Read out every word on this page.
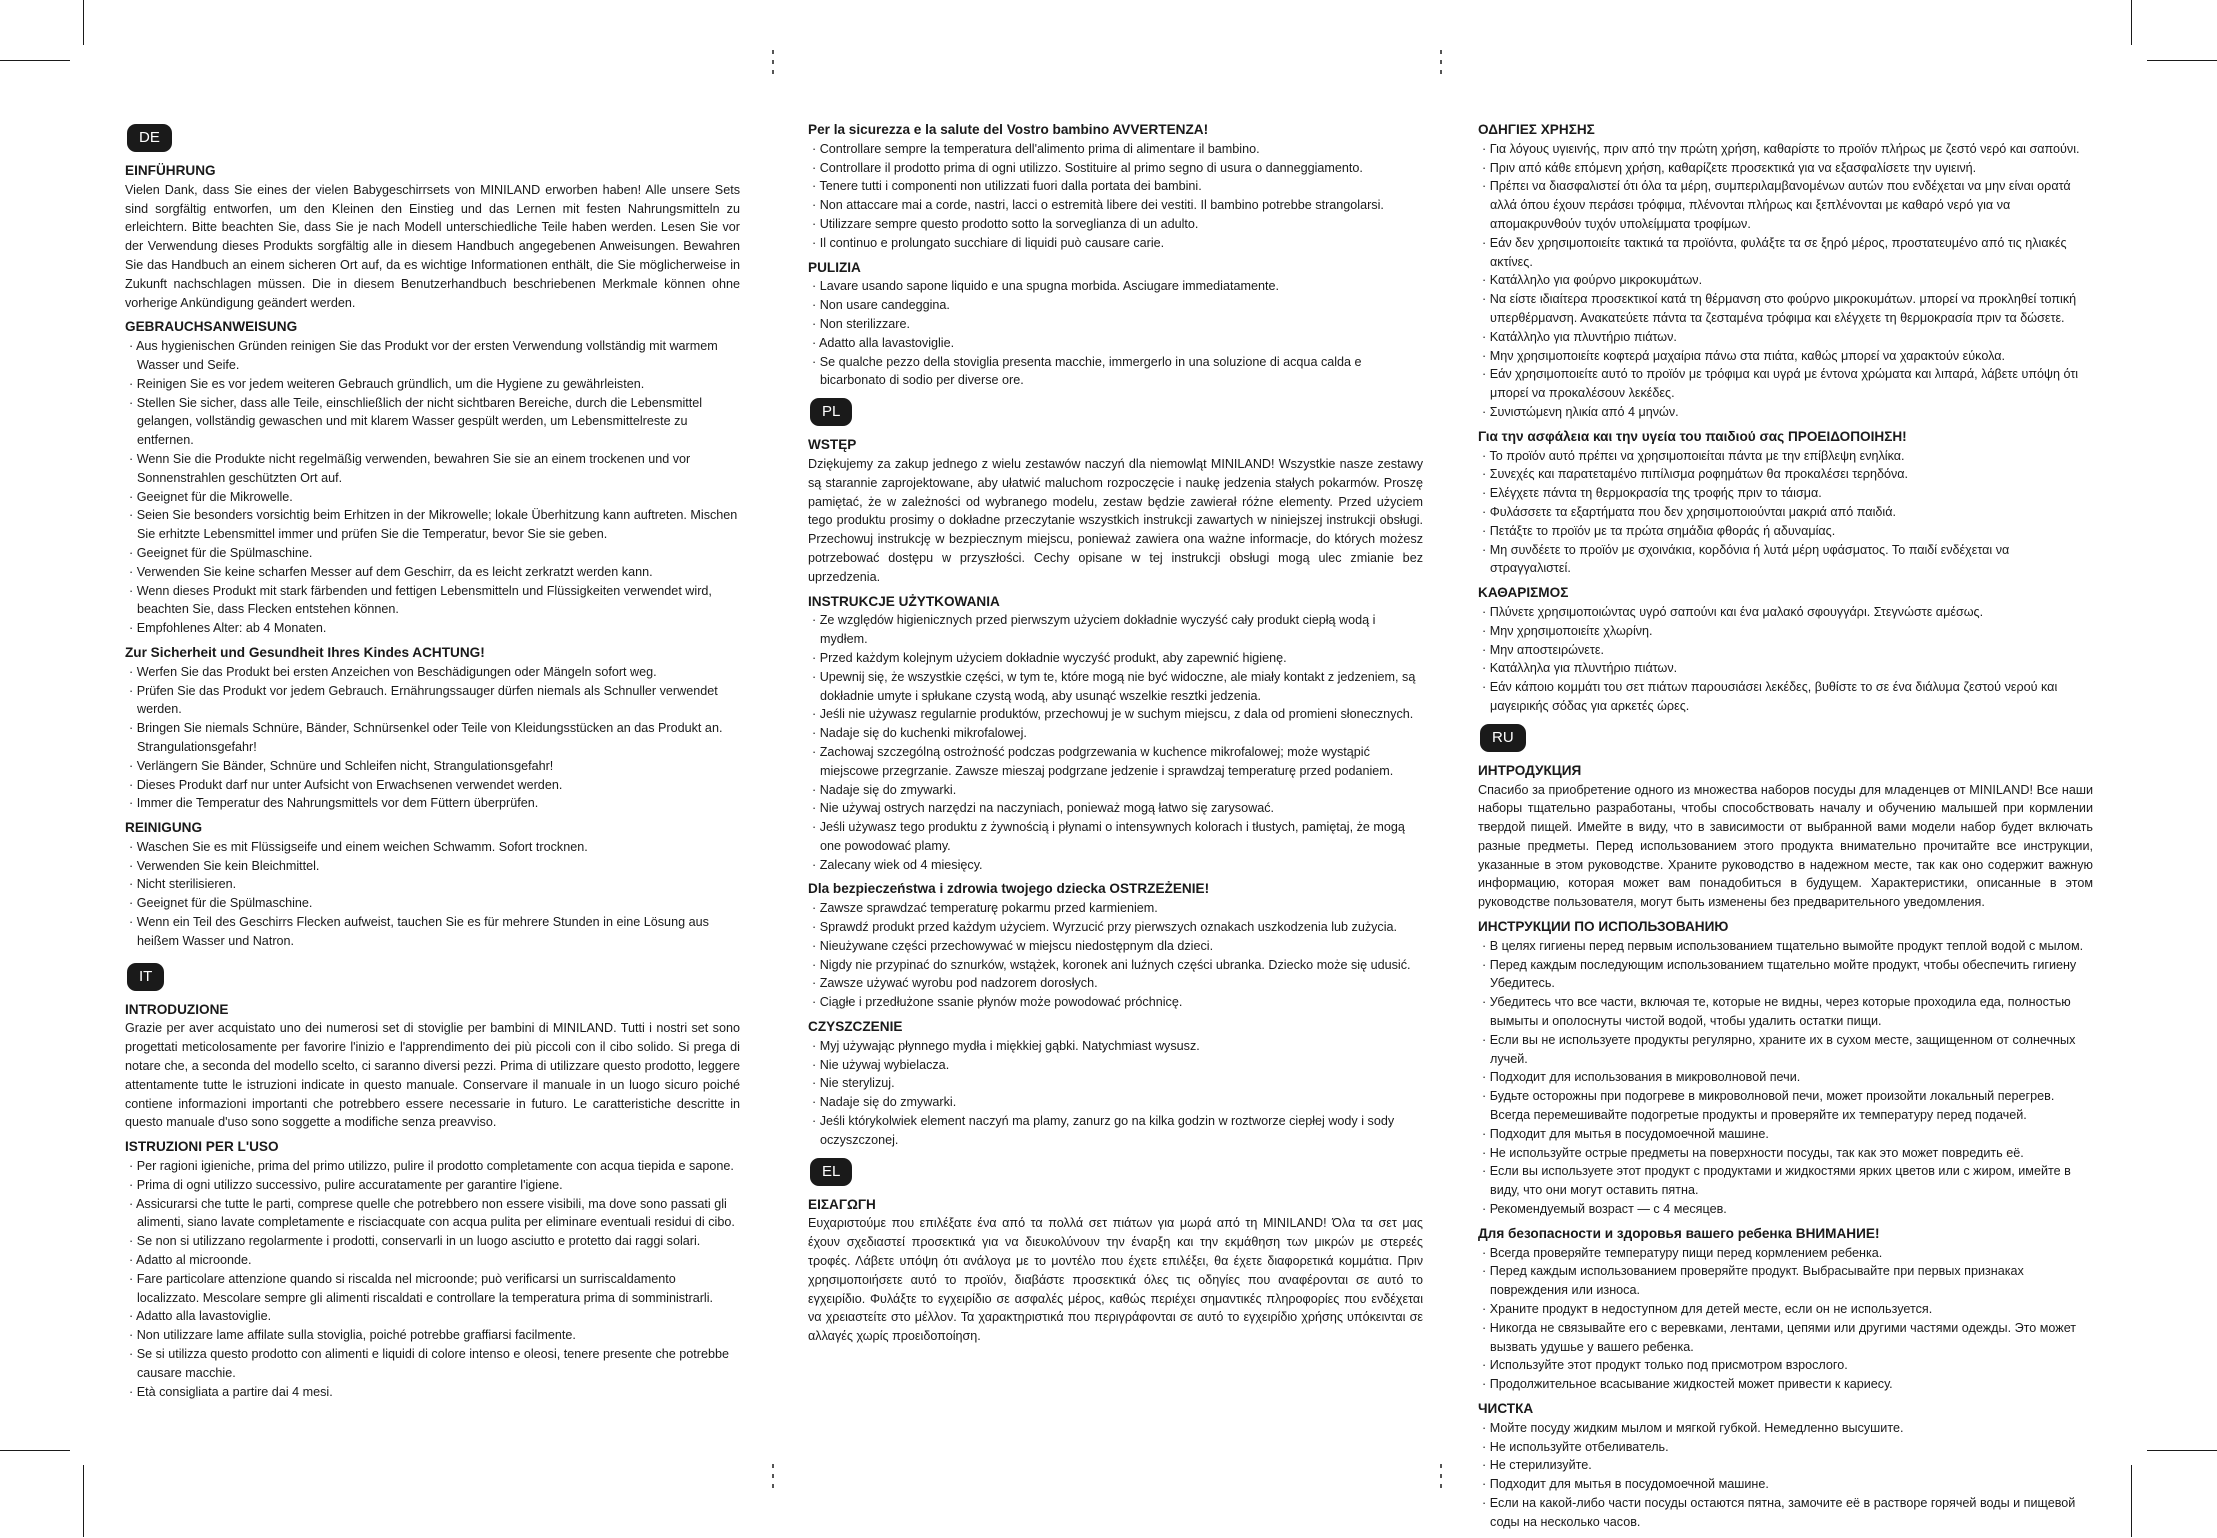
DE
EINFÜHRUNG
Vielen Dank, dass Sie eines der vielen Babygeschirrsets von MINILAND erworben haben! Alle unsere Sets sind sorgfältig entworfen, um den Kleinen den Einstieg und das Lernen mit festen Nahrungsmitteln zu erleichtern. Bitte beachten Sie, dass Sie je nach Modell unterschiedliche Teile haben werden. Lesen Sie vor der Verwendung dieses Produkts sorgfältig alle in diesem Handbuch angegebenen Anweisungen. Bewahren Sie das Handbuch an einem sicheren Ort auf, da es wichtige Informationen enthält, die Sie möglicherweise in Zukunft nachschlagen müssen. Die in diesem Benutzerhandbuch beschriebenen Merkmale können ohne vorherige Ankündigung geändert werden.
GEBRAUCHSANWEISUNG
· Aus hygienischen Gründen reinigen Sie das Produkt vor der ersten Verwendung vollständig mit warmem Wasser und Seife.
· Reinigen Sie es vor jedem weiteren Gebrauch gründlich, um die Hygiene zu gewährleisten.
· Stellen Sie sicher, dass alle Teile, einschließlich der nicht sichtbaren Bereiche, durch die Lebensmittel gelangen, vollständig gewaschen und mit klarem Wasser gespült werden, um Lebensmittelreste zu entfernen.
· Wenn Sie die Produkte nicht regelmäßig verwenden, bewahren Sie sie an einem trockenen und vor Sonnenstrahlen geschützten Ort auf.
· Geeignet für die Mikrowelle.
· Seien Sie besonders vorsichtig beim Erhitzen in der Mikrowelle; lokale Überhitzung kann auftreten. Mischen Sie erhitzte Lebensmittel immer und prüfen Sie die Temperatur, bevor Sie sie geben.
· Geeignet für die Spülmaschine.
· Verwenden Sie keine scharfen Messer auf dem Geschirr, da es leicht zerkratzt werden kann.
· Wenn dieses Produkt mit stark färbenden und fettigen Lebensmitteln und Flüssigkeiten verwendet wird, beachten Sie, dass Flecken entstehen können.
· Empfohlenes Alter: ab 4 Monaten.
Zur Sicherheit und Gesundheit Ihres Kindes ACHTUNG!
· Werfen Sie das Produkt bei ersten Anzeichen von Beschädigungen oder Mängeln sofort weg.
· Prüfen Sie das Produkt vor jedem Gebrauch. Ernährungssauger dürfen niemals als Schnuller verwendet werden.
· Bringen Sie niemals Schnüre, Bänder, Schnürsenkel oder Teile von Kleidungsstücken an das Produkt an. Strangulationsgefahr!
· Verlängern Sie Bänder, Schnüre und Schleifen nicht, Strangulationsgefahr!
· Dieses Produkt darf nur unter Aufsicht von Erwachsenen verwendet werden.
· Immer die Temperatur des Nahrungsmittels vor dem Füttern überprüfen.
REINIGUNG
· Waschen Sie es mit Flüssigseife und einem weichen Schwamm. Sofort trocknen.
· Verwenden Sie kein Bleichmittel.
· Nicht sterilisieren.
· Geeignet für die Spülmaschine.
· Wenn ein Teil des Geschirrs Flecken aufweist, tauchen Sie es für mehrere Stunden in eine Lösung aus heißem Wasser und Natron.
IT
INTRODUZIONE
Grazie per aver acquistato uno dei numerosi set di stoviglie per bambini di MINILAND. Tutti i nostri set sono progettati meticolosamente per favorire l'inizio e l'apprendimento dei più piccoli con il cibo solido. Si prega di notare che, a seconda del modello scelto, ci saranno diversi pezzi. Prima di utilizzare questo prodotto, leggere attentamente tutte le istruzioni indicate in questo manuale. Conservare il manuale in un luogo sicuro poiché contiene informazioni importanti che potrebbero essere necessarie in futuro. Le caratteristiche descritte in questo manuale d'uso sono soggette a modifiche senza preavviso.
ISTRUZIONI PER L'USO
· Per ragioni igieniche, prima del primo utilizzo, pulire il prodotto completamente con acqua tiepida e sapone.
· Prima di ogni utilizzo successivo, pulire accuratamente per garantire l'igiene.
· Assicurarsi che tutte le parti, comprese quelle che potrebbero non essere visibili, ma dove sono passati gli alimenti, siano lavate completamente e risciacquate con acqua pulita per eliminare eventuali residui di cibo.
· Se non si utilizzano regolarmente i prodotti, conservarli in un luogo asciutto e protetto dai raggi solari.
· Adatto al microonde.
· Fare particolare attenzione quando si riscalda nel microonde; può verificarsi un surriscaldamento localizzato. Mescolare sempre gli alimenti riscaldati e controllare la temperatura prima di somministrarli.
· Adatto alla lavastoviglie.
· Non utilizzare lame affilate sulla stoviglia, poiché potrebbe graffiarsi facilmente.
· Se si utilizza questo prodotto con alimenti e liquidi di colore intenso e oleosi, tenere presente che potrebbe causare macchie.
· Età consigliata a partire dai 4 mesi.
Per la sicurezza e la salute del Vostro bambino AVVERTENZA!
· Controllare sempre la temperatura dell'alimento prima di alimentare il bambino.
· Controllare il prodotto prima di ogni utilizzo. Sostituire al primo segno di usura o danneggiamento.
· Tenere tutti i componenti non utilizzati fuori dalla portata dei bambini.
· Non attaccare mai a corde, nastri, lacci o estremità libere dei vestiti. Il bambino potrebbe strangolarsi.
· Utilizzare sempre questo prodotto sotto la sorveglianza di un adulto.
· Il continuo e prolungato succhiare di liquidi può causare carie.
PULIZIA
· Lavare usando sapone liquido e una spugna morbida. Asciugare immediatamente.
· Non usare candeggina.
· Non sterilizzare.
· Adatto alla lavastoviglie.
· Se qualche pezzo della stoviglia presenta macchie, immergerlo in una soluzione di acqua calda e bicarbonato di sodio per diverse ore.
PL
WSTĘP
Dziękujemy za zakup jednego z wielu zestawów naczyń dla niemowląt MINILAND! Wszystkie nasze zestawy są starannie zaprojektowane, aby ułatwić maluchom rozpoczęcie i naukę jedzenia stałych pokarmów. Proszę pamiętać, że w zależności od wybranego modelu, zestaw będzie zawierał różne elementy. Przed użyciem tego produktu prosimy o dokładne przeczytanie wszystkich instrukcji zawartych w niniejszej instrukcji obsługi. Przechowuj instrukcję w bezpiecznym miejscu, ponieważ zawiera ona ważne informacje, do których możesz potrzebować dostępu w przyszłości. Cechy opisane w tej instrukcji obsługi mogą ulec zmianie bez uprzedzenia.
INSTRUKCJE UŻYTKOWANIA
· Ze względów higienicznych przed pierwszym użyciem dokładnie wyczyść cały produkt ciepłą wodą i mydłem.
· Przed każdym kolejnym użyciem dokładnie wyczyść produkt, aby zapewnić higienę.
· Upewnij się, że wszystkie części, w tym te, które mogą nie być widoczne, ale miały kontakt z jedzeniem, są dokładnie umyte i spłukane czystą wodą, aby usunąć wszelkie resztki jedzenia.
· Jeśli nie używasz regularnie produktów, przechowuj je w suchym miejscu, z dala od promieni słonecznych.
· Nadaje się do kuchenki mikrofalowej.
· Zachowaj szczególną ostrożność podczas podgrzewania w kuchence mikrofalowej; może wystąpić miejscowe przegrzanie. Zawsze mieszaj podgrzane jedzenie i sprawdzaj temperaturę przed podaniem.
· Nadaje się do zmywarki.
· Nie używaj ostrych narzędzi na naczyniach, ponieważ mogą łatwo się zarysować.
· Jeśli używasz tego produktu z żywnością i płynami o intensywnych kolorach i tłustych, pamiętaj, że mogą one powodować plamy.
· Zalecany wiek od 4 miesięcy.
Dla bezpieczeństwa i zdrowia twojego dziecka OSTRZEŻENIE!
· Zawsze sprawdzać temperaturę pokarmu przed karmieniem.
· Sprawdź produkt przed każdym użyciem. Wyrzucić przy pierwszych oznakach uszkodzenia lub zużycia.
· Nieużywane części przechowywać w miejscu niedostępnym dla dzieci.
· Nigdy nie przypinać do sznurków, wstążek, koronek ani luźnych części ubranka. Dziecko może się udusić.
· Zawsze używać wyrobu pod nadzorem dorosłych.
· Ciągłe i przedłużone ssanie płynów może powodować próchnicę.
CZYSZCZENIE
· Myj używając płynnego mydła i miękkiej gąbki. Natychmiast wysusz.
· Nie używaj wybielacza.
· Nie sterylizuj.
· Nadaje się do zmywarki.
· Jeśli którykolwiek element naczyń ma plamy, zanurz go na kilka godzin w roztworze ciepłej wody i sody oczyszczonej.
EL
ΕΙΣΑΓΩΓΗ
Ευχαριστούμε που επιλέξατε ένα από τα πολλά σετ πιάτων για μωρά από τη MINILAND! Όλα τα σετ μας έχουν σχεδιαστεί προσεκτικά για να διευκολύνουν την έναρξη και την εκμάθηση των μικρών με στερεές τροφές. Λάβετε υπόψη ότι ανάλογα με το μοντέλο που έχετε επιλέξει, θα έχετε διαφορετικά κομμάτια. Πριν χρησιμοποιήσετε αυτό το προϊόν, διαβάστε προσεκτικά όλες τις οδηγίες που αναφέρονται σε αυτό το εγχειρίδιο. Φυλάξτε το εγχειρίδιο σε ασφαλές μέρος, καθώς περιέχει σημαντικές πληροφορίες που ενδέχεται να χρειαστείτε στο μέλλον. Τα χαρακτηριστικά που περιγράφονται σε αυτό το εγχειρίδιο χρήσης υπόκεινται σε αλλαγές χωρίς προειδοποίηση.
ΟΔΗΓΙΕΣ ΧΡΗΣΗΣ
· Για λόγους υγιεινής, πριν από την πρώτη χρήση, καθαρίστε το προϊόν πλήρως με ζεστό νερό και σαπούνι.
· Πριν από κάθε επόμενη χρήση, καθαρίζετε προσεκτικά για να εξασφαλίσετε την υγιεινή.
· Πρέπει να διασφαλιστεί ότι όλα τα μέρη, συμπεριλαμβανομένων αυτών που ενδέχεται να μην είναι ορατά αλλά όπου έχουν περάσει τρόφιμα, πλένονται πλήρως και ξεπλένονται με καθαρό νερό για να απομακρυνθούν τυχόν υπολείμματα τροφίμων.
· Εάν δεν χρησιμοποιείτε τακτικά τα προϊόντα, φυλάξτε τα σε ξηρό μέρος, προστατευμένο από τις ηλιακές ακτίνες.
· Κατάλληλο για φούρνο μικροκυμάτων.
· Να είστε ιδιαίτερα προσεκτικοί κατά τη θέρμανση στο φούρνο μικροκυμάτων. μπορεί να προκληθεί τοπική υπερθέρμανση. Ανακατεύετε πάντα τα ζεσταμένα τρόφιμα και ελέγχετε τη θερμοκρασία πριν τα δώσετε.
· Κατάλληλο για πλυντήριο πιάτων.
· Μην χρησιμοποιείτε κοφτερά μαχαίρια πάνω στα πιάτα, καθώς μπορεί να χαρακτούν εύκολα.
· Εάν χρησιμοποιείτε αυτό το προϊόν με τρόφιμα και υγρά με έντονα χρώματα και λιπαρά, λάβετε υπόψη ότι μπορεί να προκαλέσουν λεκέδες.
· Συνιστώμενη ηλικία από 4 μηνών.
Για την ασφάλεια και την υγεία του παιδιού σας ΠΡΟΕΙΔΟΠΟΙΗΣΗ!
· Το προϊόν αυτό πρέπει να χρησιμοποιείται πάντα με την επίβλεψη ενηλίκα.
· Συνεχές και παρατεταμένο πιπίλισμα ροφημάτων θα προκαλέσει τερηδόνα.
· Ελέγχετε πάντα τη θερμοκρασία της τροφής πριν το τάισμα.
· Φυλάσσετε τα εξαρτήματα που δεν χρησιμοποιούνται μακριά από παιδιά.
· Πετάξτε το προϊόν με τα πρώτα σημάδια φθοράς ή αδυναμίας.
· Μη συνδέετε το προϊόν με σχοινάκια, κορδόνια ή λυτά μέρη υφάσματος. Το παιδί ενδέχεται να στραγγαλιστεί.
ΚΑΘΑΡΙΣΜΟΣ
· Πλύνετε χρησιμοποιώντας υγρό σαπούνι και ένα μαλακό σφουγγάρι. Στεγνώστε αμέσως.
· Μην χρησιμοποιείτε χλωρίνη.
· Μην αποστειρώνετε.
· Κατάλληλα για πλυντήριο πιάτων.
· Εάν κάποιο κομμάτι του σετ πιάτων παρουσιάσει λεκέδες, βυθίστε το σε ένα διάλυμα ζεστού νερού και μαγειρικής σόδας για αρκετές ώρες.
RU
ИНТРОДУКЦИЯ
Спасибо за приобретение одного из множества наборов посуды для младенцев от MINILAND! Все наши наборы тщательно разработаны, чтобы способствовать началу и обучению малышей при кормлении твердой пищей. Имейте в виду, что в зависимости от выбранной вами модели набор будет включать разные предметы. Перед использованием этого продукта внимательно прочитайте все инструкции, указанные в этом руководстве. Храните руководство в надежном месте, так как оно содержит важную информацию, которая может вам понадобиться в будущем. Характеристики, описанные в этом руководстве пользователя, могут быть изменены без предварительного уведомления.
ИНСТРУКЦИИ ПО ИСПОЛЬЗОВАНИЮ
· В целях гигиены перед первым использованием тщательно вымойте продукт теплой водой с мылом.
· Перед каждым последующим использованием тщательно мойте продукт, чтобы обеспечить гигиену Убедитесь.
· Убедитесь что все части, включая те, которые не видны, через которые проходила еда, полностью вымыты и ополоснуты чистой водой, чтобы удалить остатки пищи.
· Если вы не используете продукты регулярно, храните их в сухом месте, защищенном от солнечных лучей.
· Подходит для использования в микроволновой печи.
· Будьте осторожны при подогреве в микроволновой печи, может произойти локальный перегрев. Всегда перемешивайте подогретые продукты и проверяйте их температуру перед подачей.
· Подходит для мытья в посудомоечной машине.
· Не используйте острые предметы на поверхности посуды, так как это может повредить её.
· Если вы используете этот продукт с продуктами и жидкостями ярких цветов или с жиром, имейте в виду, что они могут оставить пятна.
· Рекомендуемый возраст — с 4 месяцев.
Для безопасности и здоровья вашего ребенка ВНИМАНИЕ!
· Всегда проверяйте температуру пищи перед кормлением ребенка.
· Перед каждым использованием проверяйте продукт. Выбрасывайте при первых признаках повреждения или износа.
· Храните продукт в недоступном для детей месте, если он не используется.
· Никогда не связывайте его с веревками, лентами, цепями или другими частями одежды. Это может вызвать удушье у вашего ребенка.
· Используйте этот продукт только под присмотром взрослого.
· Продолжительное всасывание жидкостей может привести к кариесу.
ЧИСТКА
· Мойте посуду жидким мылом и мягкой губкой. Немедленно высушите.
· Не используйте отбеливатель.
· Не стерилизуйте.
· Подходит для мытья в посудомоечной машине.
· Если на какой-либо части посуды остаются пятна, замочите её в растворе горячей воды и пищевой соды на несколько часов.
